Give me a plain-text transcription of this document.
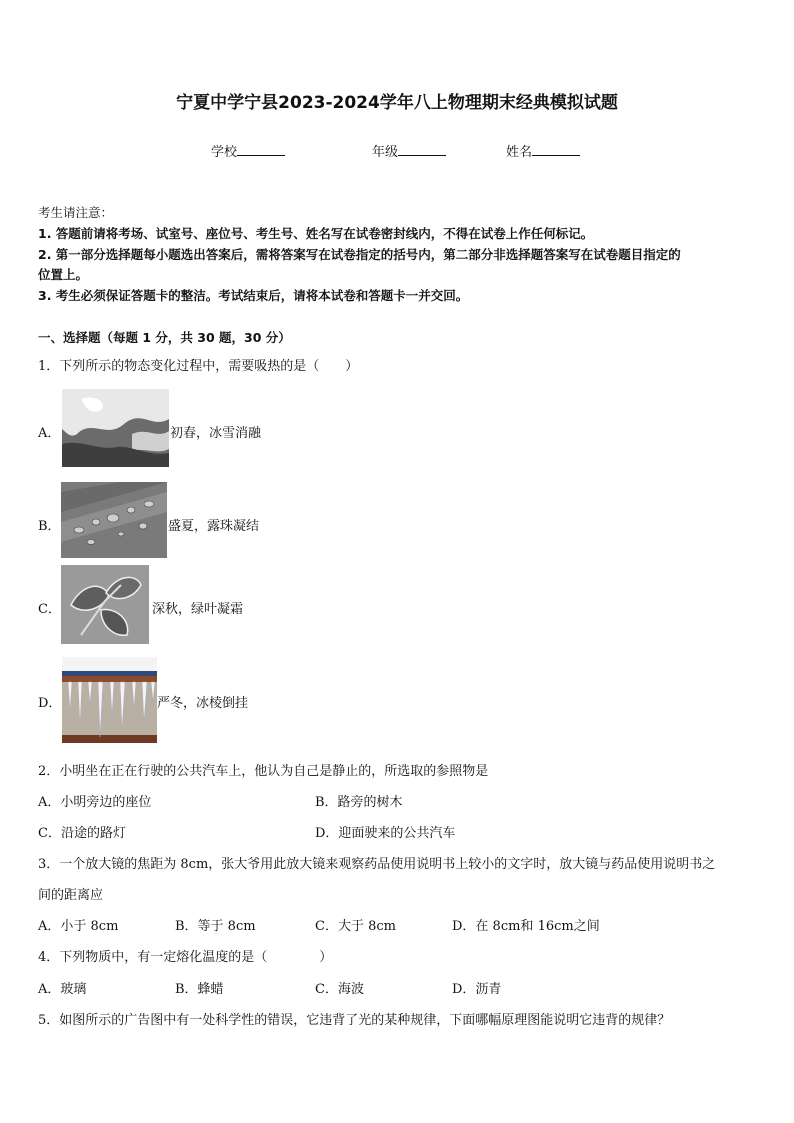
宁夏中学宁县2023-2024学年八上物理期末经典模拟试题
学校	年级	姓名
考生请注意：
1. 答题前请将考场、试室号、座位号、考生号、姓名写在试卷密封线内，不得在试卷上作任何标记。
2. 第一部分选择题每小题选出答案后，需将答案写在试卷指定的括号内，第二部分非选择题答案写在试卷题目指定的
位置上。
3. 考生必须保证答题卡的整洁。考试结束后，请将本试卷和答题卡一并交回。
一、选择题（每题 1 分，共 30 题，30 分）
1．下列所示的物态变化过程中，需要吸热的是（　　）
A．	初春，冰雪消融
B．	盛夏，露珠凝结
C．	深秋，绿叶凝霜
D．	严冬，冰棱倒挂
2．小明坐在正在行驶的公共汽车上，他认为自己是静止的，所选取的参照物是
A．小明旁边的座位	B．路旁的树木
C．沿途的路灯	D．迎面驶来的公共汽车
3．一个放大镜的焦距为 8cm，张大爷用此放大镜来观察药品使用说明书上较小的文字时，放大镜与药品使用说明书之
间的距离应
A．小于 8cm	B．等于 8cm	C．大于 8cm	D．在 8cm和 16cm之间
4．下列物质中，有一定熔化温度的是（　　　　）
A．玻璃	B．蜂蜡	C．海波	D．沥青
5．如图所示的广告图中有一处科学性的错误，它违背了光的某种规律，下面哪幅原理图能说明它违背的规律？
